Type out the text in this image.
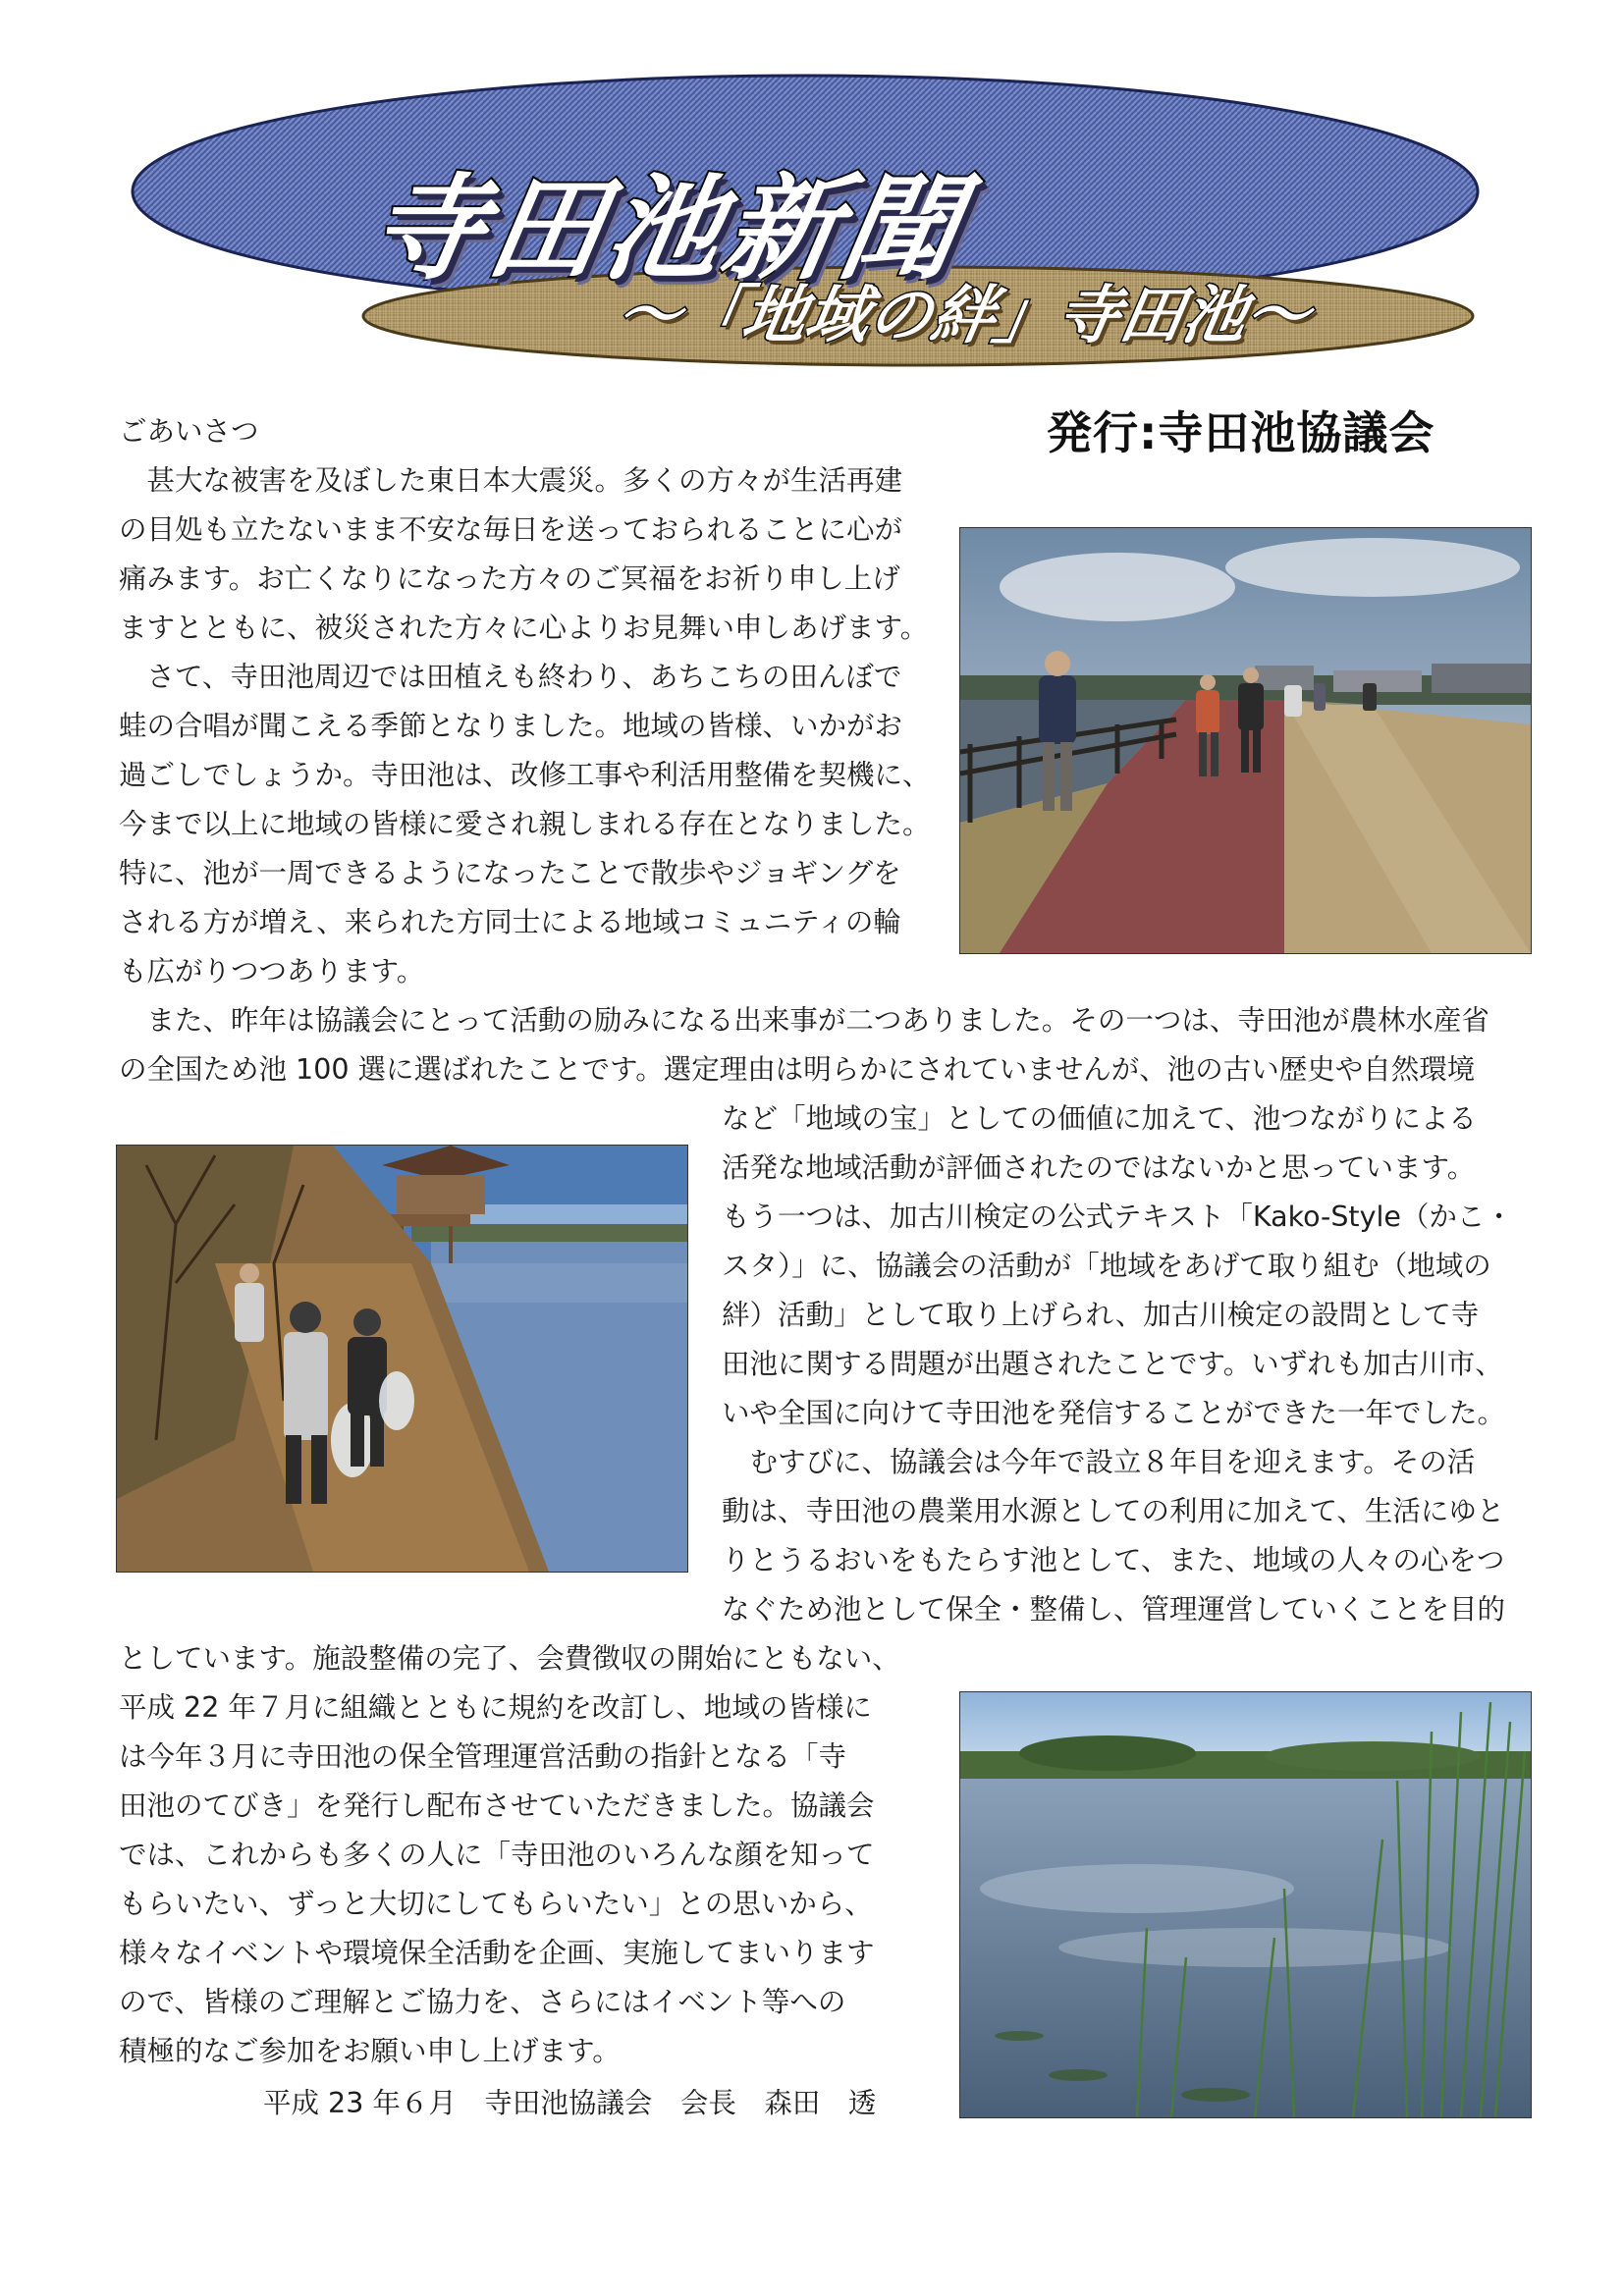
寺田池新聞
～「地域の絆」寺田池～
発行:寺田池協議会
ごあいさつ
　甚大な被害を及ぼした東日本大震災。多くの方々が生活再建
の目処も立たないまま不安な毎日を送っておられることに心が
痛みます。お亡くなりになった方々のご冥福をお祈り申し上げ
ますとともに、被災された方々に心よりお見舞い申しあげます。
　さて、寺田池周辺では田植えも終わり、あちこちの田んぼで
蛙の合唱が聞こえる季節となりました。地域の皆様、いかがお
過ごしでしょうか。寺田池は、改修工事や利活用整備を契機に、
今まで以上に地域の皆様に愛され親しまれる存在となりました。
特に、池が一周できるようになったことで散歩やジョギングを
される方が増え、来られた方同士による地域コミュニティの輪
も広がりつつあります。
　また、昨年は協議会にとって活動の励みになる出来事が二つありました。その一つは、寺田池が農林水産省
の全国ため池 100 選に選ばれたことです。選定理由は明らかにされていませんが、池の古い歴史や自然環境
など「地域の宝」としての価値に加えて、池つながりによる
活発な地域活動が評価されたのではないかと思っています。
もう一つは、加古川検定の公式テキスト「Kako-Style（かこ・
スタ）」に、協議会の活動が「地域をあげて取り組む（地域の
絆）活動」として取り上げられ、加古川検定の設問として寺
田池に関する問題が出題されたことです。いずれも加古川市、
いや全国に向けて寺田池を発信することができた一年でした。
　むすびに、協議会は今年で設立８年目を迎えます。その活
動は、寺田池の農業用水源としての利用に加えて、生活にゆと
りとうるおいをもたらす池として、また、地域の人々の心をつ
なぐため池として保全・整備し、管理運営していくことを目的
としています。施設整備の完了、会費徴収の開始にともない、
平成 22 年７月に組織とともに規約を改訂し、地域の皆様に
は今年３月に寺田池の保全管理運営活動の指針となる「寺
田池のてびき」を発行し配布させていただきました。協議会
では、これからも多くの人に「寺田池のいろんな顔を知って
もらいたい、ずっと大切にしてもらいたい」との思いから、
様々なイベントや環境保全活動を企画、実施してまいります
ので、皆様のご理解とご協力を、さらにはイベント等への
積極的なご参加をお願い申し上げます。
平成 23 年６月　寺田池協議会　会長　森田　透
